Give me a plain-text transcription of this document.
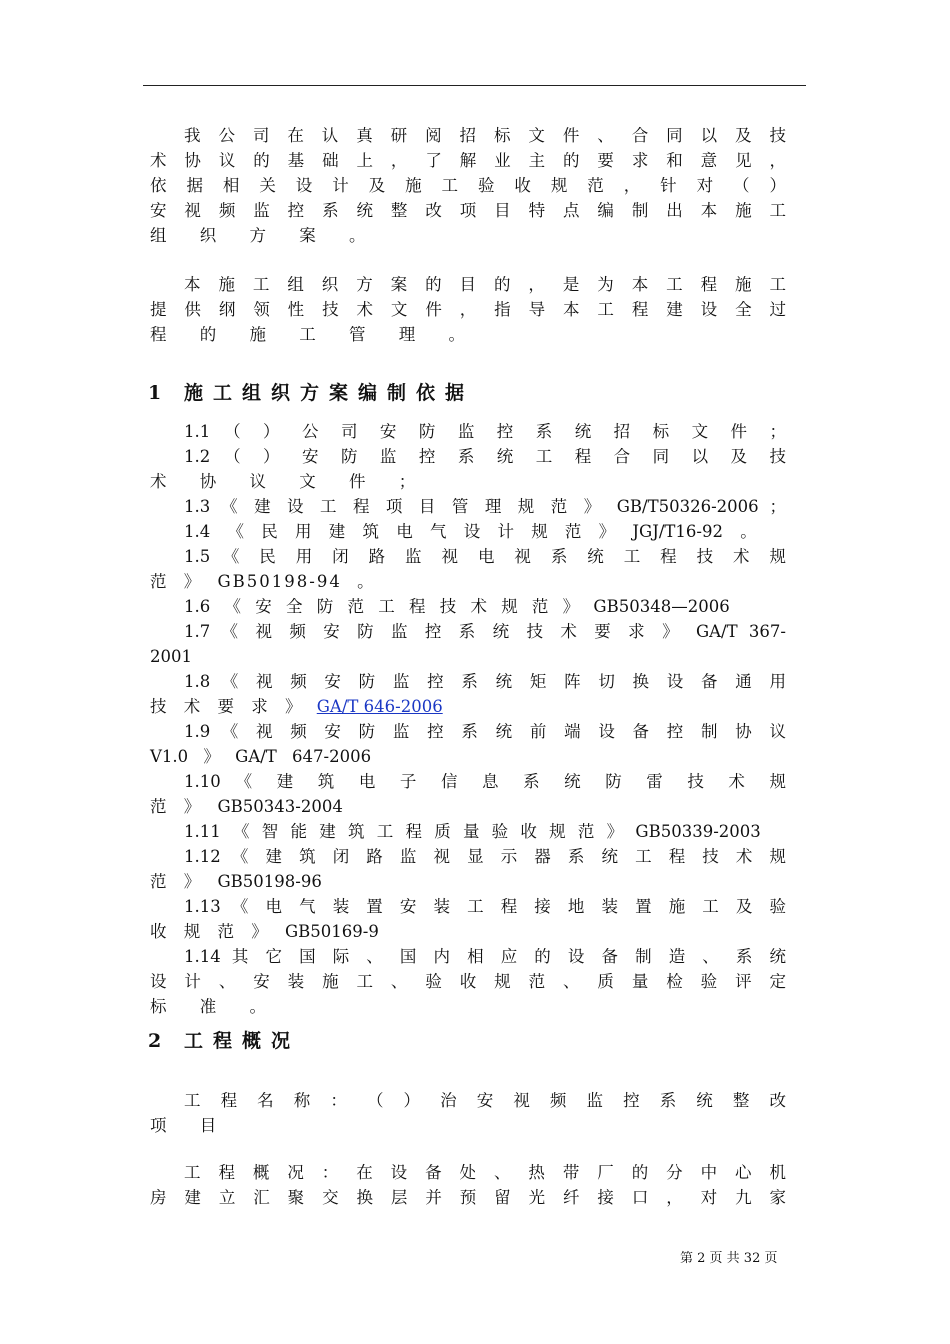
我 公 司 在 认 真 研 阅 招 标 文 件 、 合 同 以 及 技
术 协 议 的 基 础 上 ， 了 解 业 主 的 要 求 和 意 见 ，
依 据 相 关 设 计 及 施 工 验 收 规 范 ， 针 对 （ ）
安 视 频 监 控 系 统 整 改 项 目 特 点 编 制 出 本 施 工
组 织 方 案 。
本 施 工 组 织 方 案 的 目 的 ， 是 为 本 工 程 施 工
提 供 纲 领 性 技 术 文 件 ， 指 导 本 工 程 建 设 全 过
程 的 施 工 管 理 。
1 施工组织方案编制依据
1.1 （ ） 公 司 安 防 监 控 系 统 招 标 文 件 ；
1.2 （ ） 安 防 监 控 系 统 工 程 合 同 以 及 技
术 协 议 文 件 ；
1.3 《 建 设 工 程 项 目 管 理 规 范 》 GB/T50326-2006 ；
1.4 《 民 用 建 筑 电 气 设 计 规 范 》 JGJ/T16-92 。
1.5 《 民 用 闭 路 监 视 电 视 系 统 工 程 技 术 规
范 》 GB50198-94 。
1.6 《 安 全 防 范 工 程 技 术 规 范 》 GB50348—2006
1.7 《 视 频 安 防 监 控 系 统 技 术 要 求 》 GA/T 367-
2001
1.8 《 视 频 安 防 监 控 系 统 矩 阵 切 换 设 备 通 用
技 术 要 求 》 GA/T 646-2006
1.9 《 视 频 安 防 监 控 系 统 前 端 设 备 控 制 协 议
V1.0 》 GA/T 647-2006
1.10 《 建 筑 电 子 信 息 系 统 防 雷 技 术 规
范 》 GB50343-2004
1.11 《 智 能 建 筑 工 程 质 量 验 收 规 范 》 GB50339-2003
1.12 《 建 筑 闭 路 监 视 显 示 器 系 统 工 程 技 术 规
范 》 GB50198-96
1.13 《 电 气 装 置 安 装 工 程 接 地 装 置 施 工 及 验
收 规 范 》 GB50169-9
1.14 其 它 国 际 、 国 内 相 应 的 设 备 制 造 、 系 统
设 计 、 安 装 施 工 、 验 收 规 范 、 质 量 检 验 评 定
标 准 。
2 工程概况
工 程 名 称 ： （ ） 治 安 视 频 监 控 系 统 整 改
项 目
工 程 概 况 ： 在 设 备 处 、 热 带 厂 的 分 中 心 机
房 建 立 汇 聚 交 换 层 并 预 留 光 纤 接 口 ， 对 九 家
第 2 页 共 32 页
